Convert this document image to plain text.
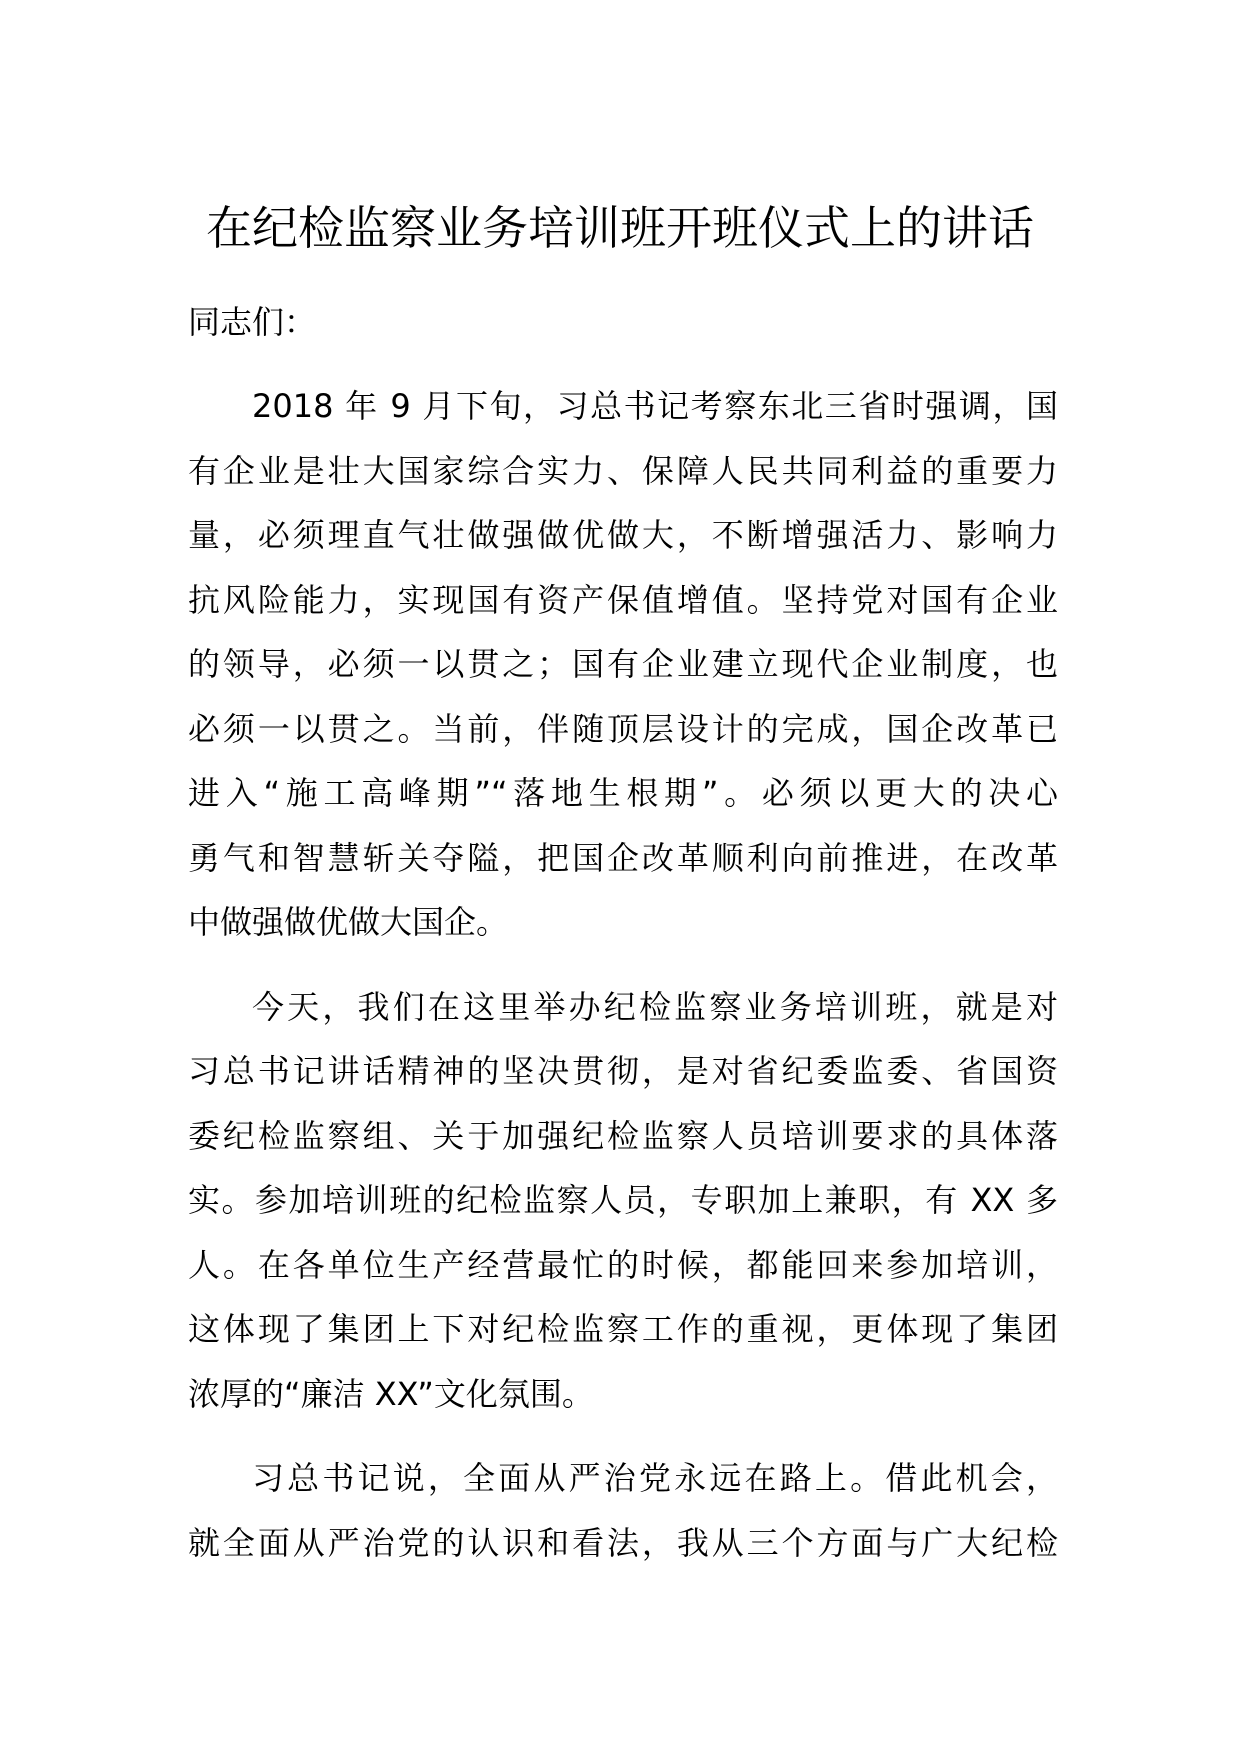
在纪检监察业务培训班开班仪式上的讲话

同志们：

2018 年 9 月下旬，习总书记考察东北三省时强调，国
有企业是壮大国家综合实力、保障人民共同利益的重要力
量，必须理直气壮做强做优做大，不断增强活力、影响力
抗风险能力，实现国有资产保值增值。坚持党对国有企业
的领导，必须一以贯之；国有企业建立现代企业制度，也
必须一以贯之。当前，伴随顶层设计的完成，国企改革已
进入“施工高峰期”“落地生根期”。必须以更大的决心
勇气和智慧斩关夺隘，把国企改革顺利向前推进，在改革
中做强做优做大国企。

今天，我们在这里举办纪检监察业务培训班，就是对
习总书记讲话精神的坚决贯彻，是对省纪委监委、省国资
委纪检监察组、关于加强纪检监察人员培训要求的具体落
实。参加培训班的纪检监察人员，专职加上兼职，有 XX 多
人。在各单位生产经营最忙的时候，都能回来参加培训，
这体现了集团上下对纪检监察工作的重视，更体现了集团
浓厚的“廉洁 XX”文化氛围。

习总书记说，全面从严治党永远在路上。借此机会，
就全面从严治党的认识和看法，我从三个方面与广大纪检
